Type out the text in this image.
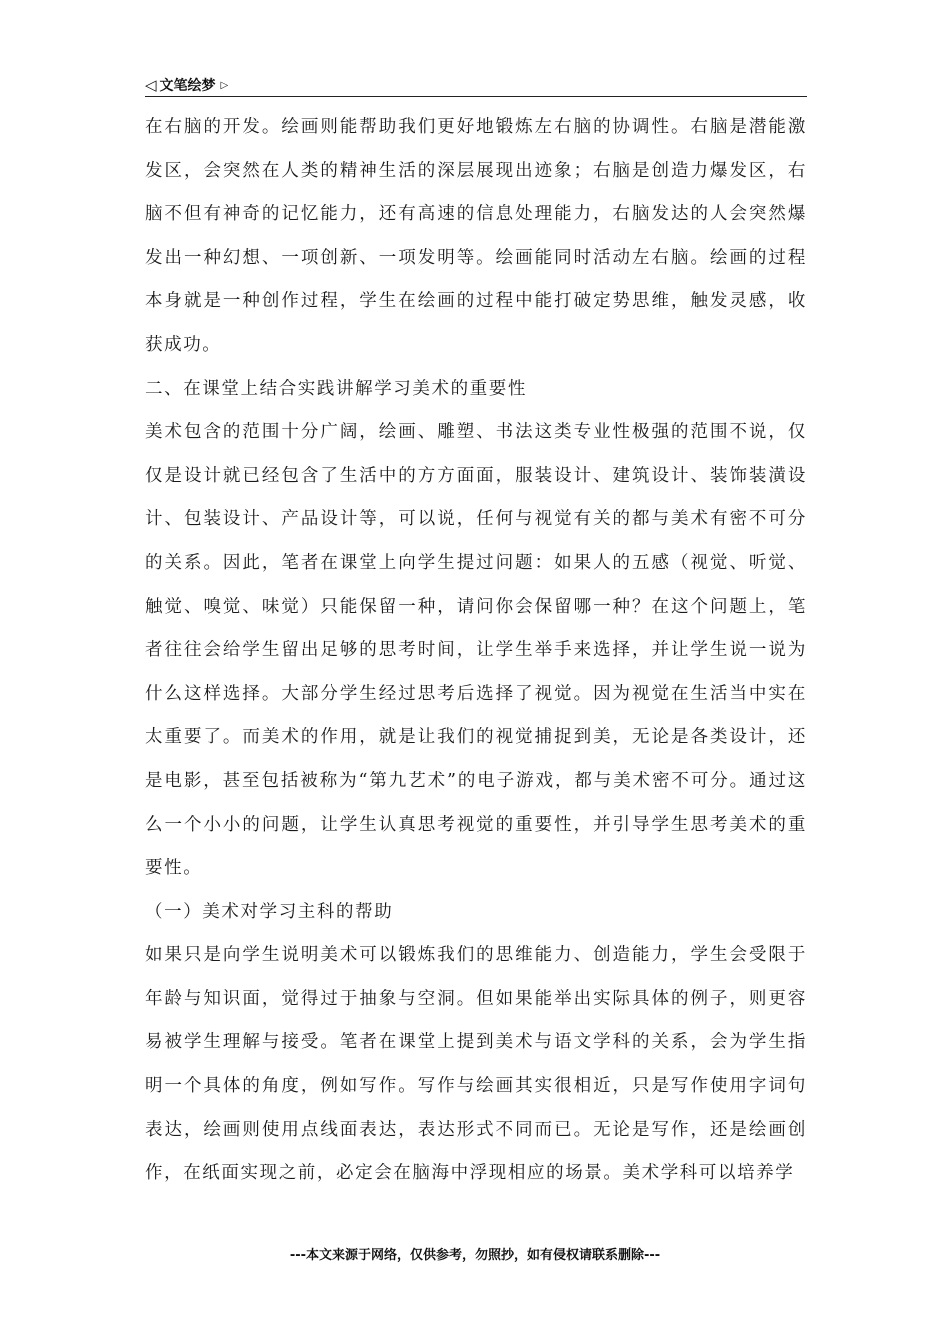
◁ 文笔绘梦 ▷

在右脑的开发。绘画则能帮助我们更好地锻炼左右脑的协调性。右脑是潜能激发区，会突然在人类的精神生活的深层展现出迹象；右脑是创造力爆发区，右脑不但有神奇的记忆能力，还有高速的信息处理能力，右脑发达的人会突然爆发出一种幻想、一项创新、一项发明等。绘画能同时活动左右脑。绘画的过程本身就是一种创作过程，学生在绘画的过程中能打破定势思维，触发灵感，收获成功。

二、在课堂上结合实践讲解学习美术的重要性

美术包含的范围十分广阔，绘画、雕塑、书法这类专业性极强的范围不说，仅仅是设计就已经包含了生活中的方方面面，服装设计、建筑设计、装饰装潢设计、包装设计、产品设计等，可以说，任何与视觉有关的都与美术有密不可分的关系。因此，笔者在课堂上向学生提过问题：如果人的五感（视觉、听觉、触觉、嗅觉、味觉）只能保留一种，请问你会保留哪一种？在这个问题上，笔者往往会给学生留出足够的思考时间，让学生举手来选择，并让学生说一说为什么这样选择。大部分学生经过思考后选择了视觉。因为视觉在生活当中实在太重要了。而美术的作用，就是让我们的视觉捕捉到美，无论是各类设计，还是电影，甚至包括被称为“第九艺术”的电子游戏，都与美术密不可分。通过这么一个小小的问题，让学生认真思考视觉的重要性，并引导学生思考美术的重要性。

（一）美术对学习主科的帮助

如果只是向学生说明美术可以锻炼我们的思维能力、创造能力，学生会受限于年龄与知识面，觉得过于抽象与空洞。但如果能举出实际具体的例子，则更容易被学生理解与接受。笔者在课堂上提到美术与语文学科的关系，会为学生指明一个具体的角度，例如写作。写作与绘画其实很相近，只是写作使用字词句表达，绘画则使用点线面表达，表达形式不同而已。无论是写作，还是绘画创作，在纸面实现之前，必定会在脑海中浮现相应的场景。美术学科可以培养学

---本文来源于网络，仅供参考，勿照抄，如有侵权请联系删除---
